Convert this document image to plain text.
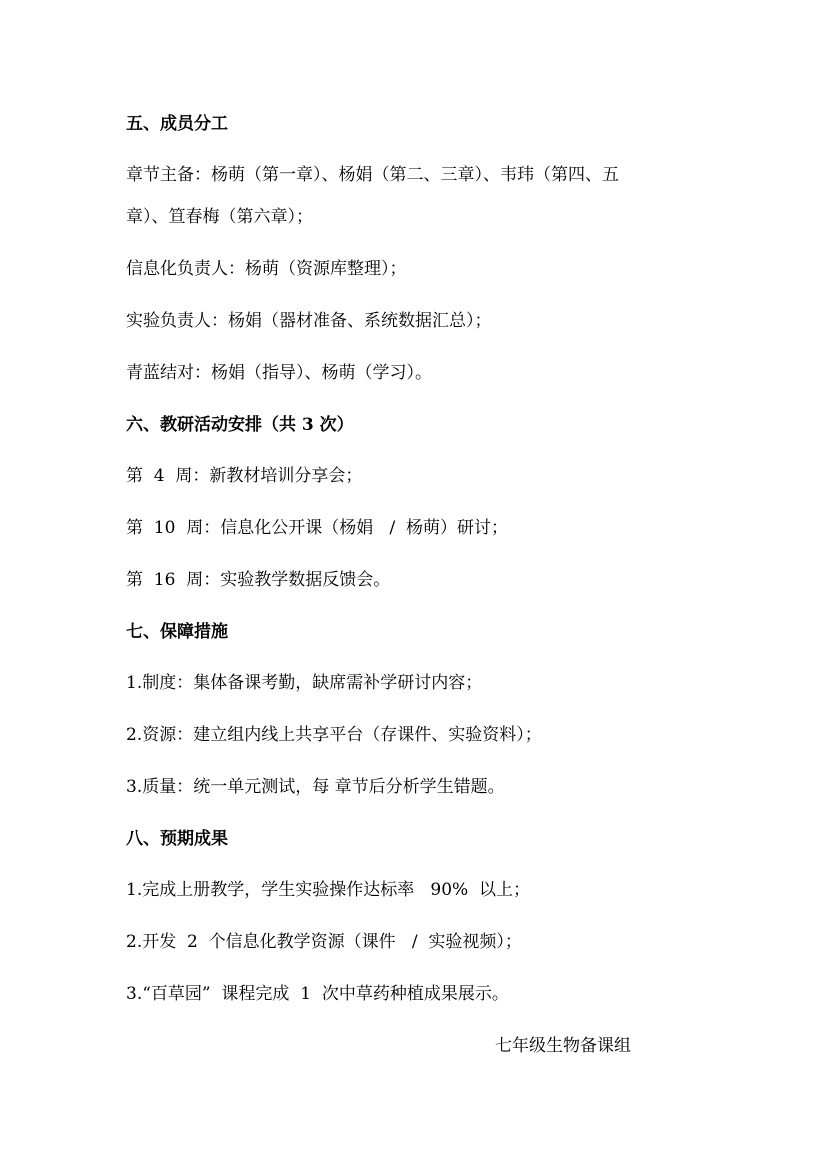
五、成员分工
章节主备：杨萌（第一章）、杨娟（第二、三章）、韦玮（第四、五
章）、笪春梅（第六章）；
信息化负责人：杨萌（资源库整理）；
实验负责人：杨娟（器材准备、系统数据汇总）；
青蓝结对：杨娟（指导）、杨萌（学习）。
六、教研活动安排（共 3 次）
第  4  周：新教材培训分享会；
第  10  周：信息化公开课（杨娟   /  杨萌）研讨；
第  16  周：实验教学数据反馈会。
七、保障措施
1.制度：集体备课考勤，缺席需补学研讨内容；
2.资源：建立组内线上共享平台（存课件、实验资料）；
3.质量：统一单元测试，每 章节后分析学生错题。
八、预期成果
1.完成上册教学，学生实验操作达标率   90%  以上；
2.开发  2  个信息化教学资源（课件   /  实验视频）；
3.“百草园”  课程完成  1  次中草药种植成果展示。
七年级生物备课组
